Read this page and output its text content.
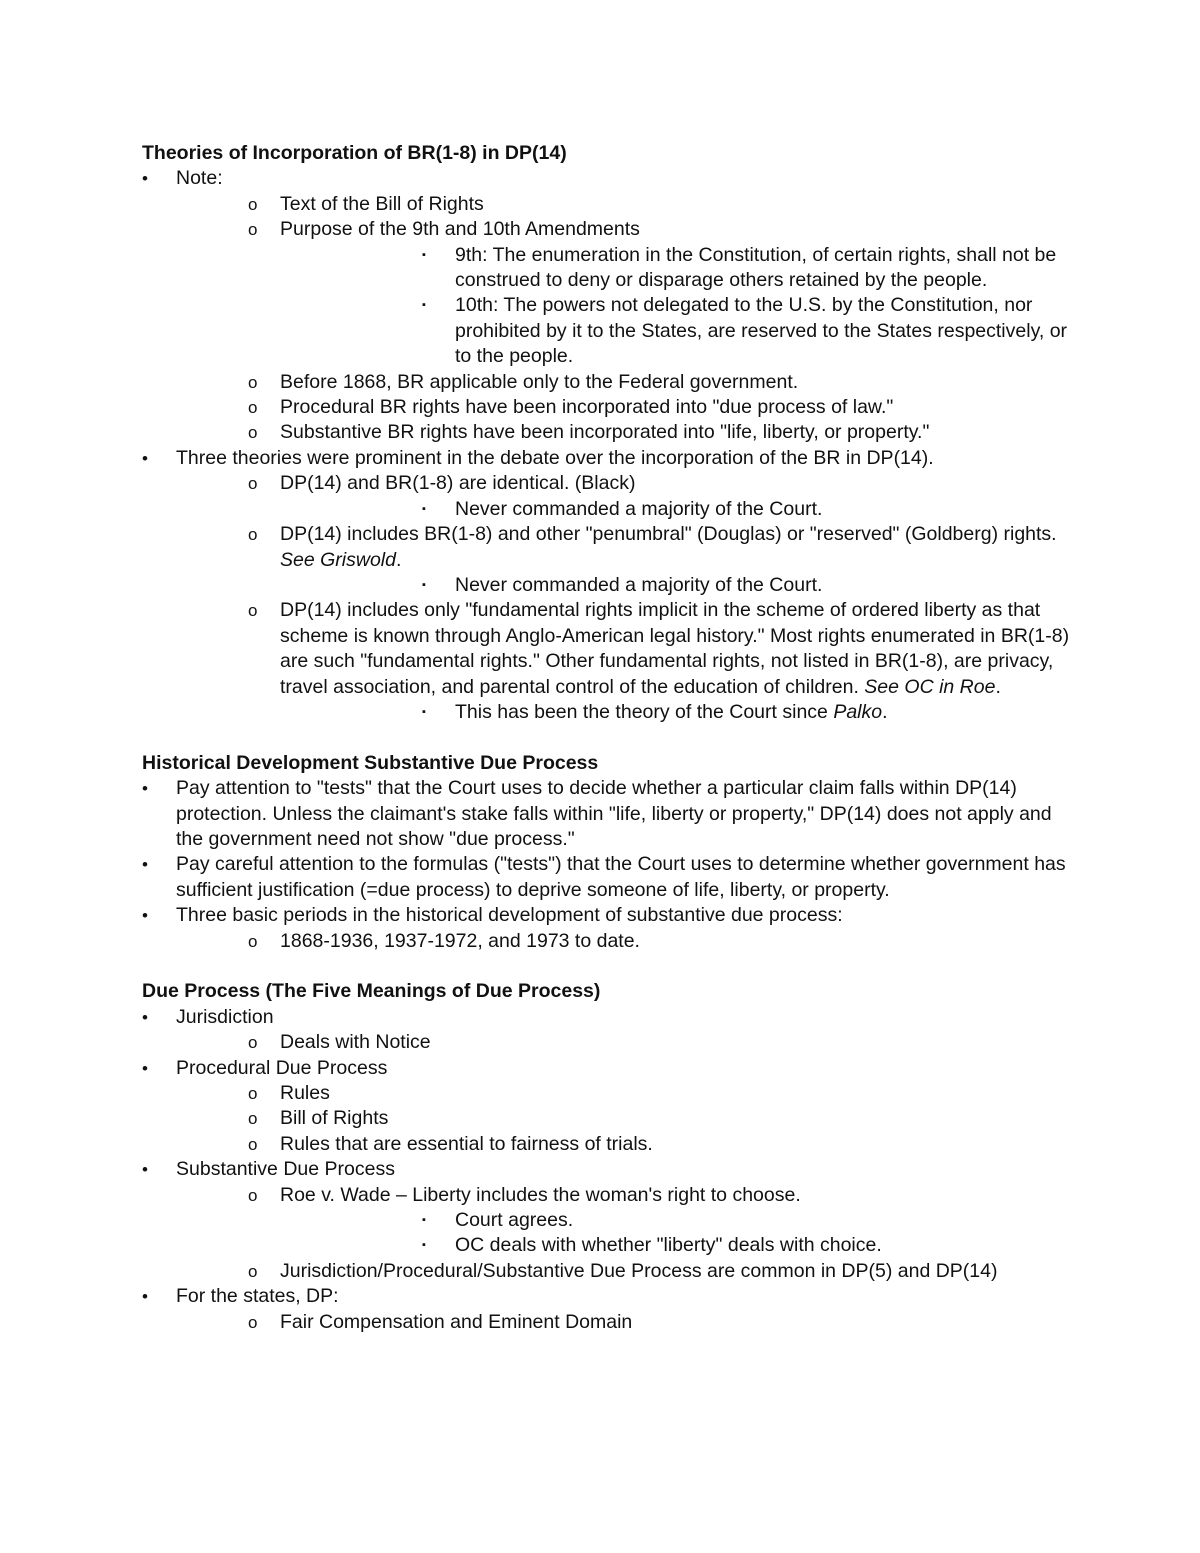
Theories of Incorporation of BR(1-8) in DP(14)

• Note:
o Text of the Bill of Rights
o Purpose of the 9th and 10th Amendments
▪ 9th: The enumeration in the Constitution, of certain rights, shall not be construed to deny or disparage others retained by the people.
▪ 10th: The powers not delegated to the U.S. by the Constitution, nor prohibited by it to the States, are reserved to the States respectively, or to the people.
o Before 1868, BR applicable only to the Federal government.
o Procedural BR rights have been incorporated into "due process of law."
o Substantive BR rights have been incorporated into "life, liberty, or property."
• Three theories were prominent in the debate over the incorporation of the BR in DP(14).
o DP(14) and BR(1-8) are identical. (Black)
▪ Never commanded a majority of the Court.
o DP(14) includes BR(1-8) and other "penumbral" (Douglas) or "reserved" (Goldberg) rights. See Griswold.
▪ Never commanded a majority of the Court.
o DP(14) includes only "fundamental rights implicit in the scheme of ordered liberty as that scheme is known through Anglo-American legal history." Most rights enumerated in BR(1-8) are such "fundamental rights." Other fundamental rights, not listed in BR(1-8), are privacy, travel association, and parental control of the education of children. See OC in Roe.
▪ This has been the theory of the Court since Palko.

Historical Development Substantive Due Process

• Pay attention to "tests" that the Court uses to decide whether a particular claim falls within DP(14) protection. Unless the claimant's stake falls within "life, liberty or property," DP(14) does not apply and the government need not show "due process."
• Pay careful attention to the formulas ("tests") that the Court uses to determine whether government has sufficient justification (=due process) to deprive someone of life, liberty, or property.
• Three basic periods in the historical development of substantive due process:
o 1868-1936, 1937-1972, and 1973 to date.

Due Process (The Five Meanings of Due Process)

• Jurisdiction
o Deals with Notice
• Procedural Due Process
o Rules
o Bill of Rights
o Rules that are essential to fairness of trials.
• Substantive Due Process
o Roe v. Wade – Liberty includes the woman's right to choose.
▪ Court agrees.
▪ OC deals with whether "liberty" deals with choice.
o Jurisdiction/Procedural/Substantive Due Process are common in DP(5) and DP(14)
• For the states, DP:
o Fair Compensation and Eminent Domain
